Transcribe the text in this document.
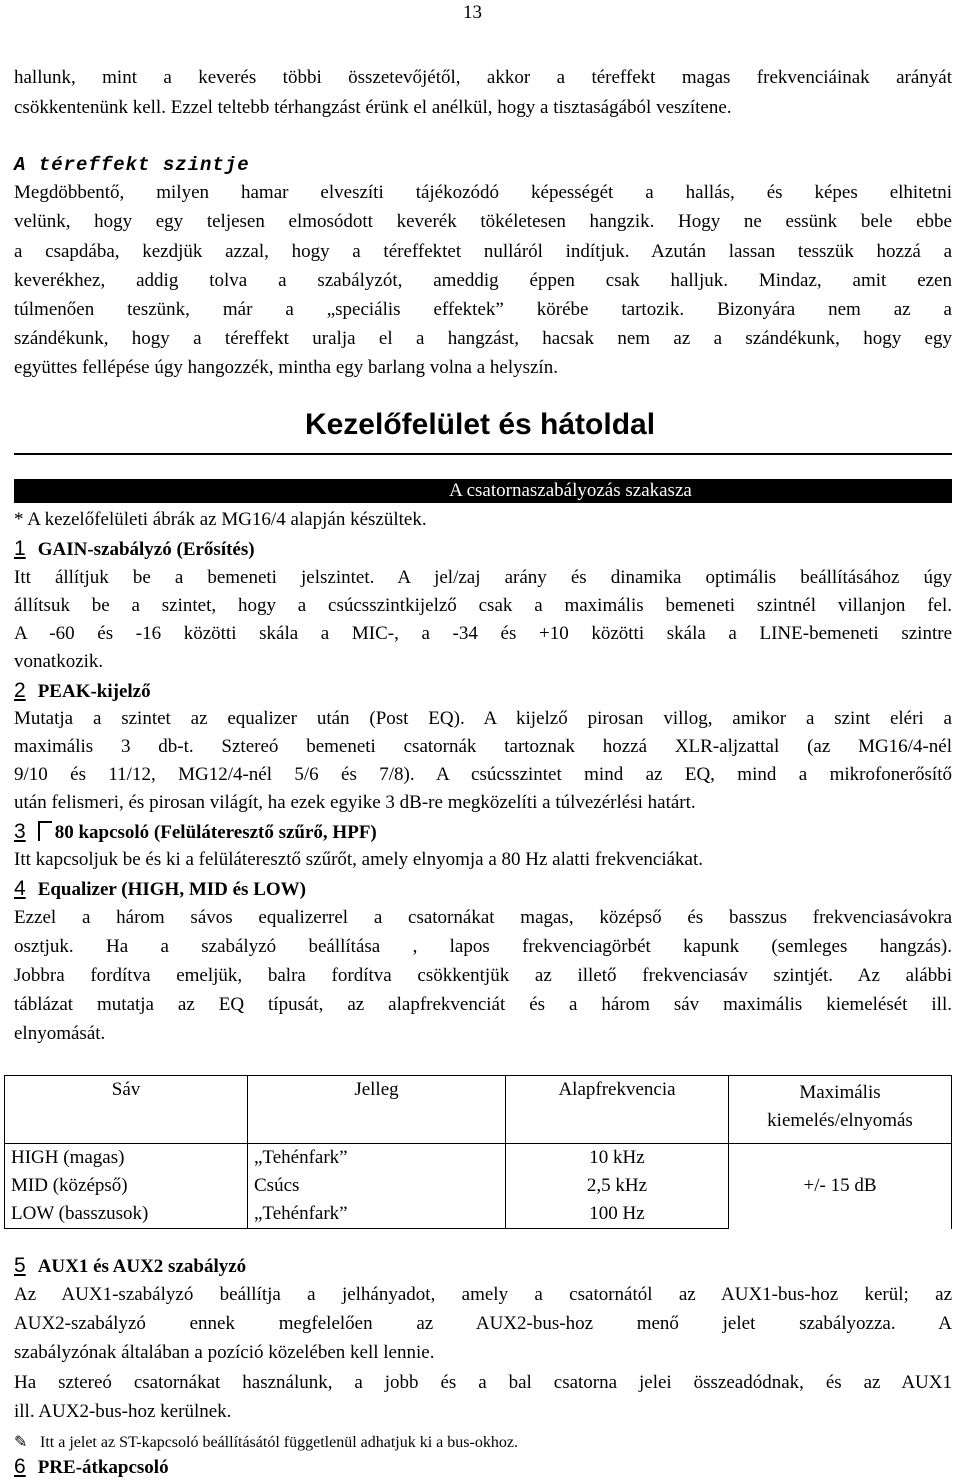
13
hallunk, mint a keverés többi összetevőjétől, akkor a téreffekt magas frekvenciáinak arányát
csökkentenünk kell. Ezzel teltebb térhangzást érünk el anélkül, hogy a tisztaságából veszítene.
A téreffekt szintje
Megdöbbentő, milyen hamar elveszíti tájékozódó képességét a hallás, és képes elhitetni
velünk, hogy egy teljesen elmosódott keverék tökéletesen hangzik. Hogy ne essünk bele ebbe
a csapdába, kezdjük azzal, hogy a téreffektet nulláról indítjuk. Azután lassan tesszük hozzá a
keverékhez, addig tolva a szabályzót, ameddig éppen csak halljuk. Mindaz, amit ezen
túlmenően teszünk, már a „speciális effektek” körébe tartozik. Bizonyára nem az a
szándékunk, hogy a téreffekt uralja el a hangzást, hacsak nem az a szándékunk, hogy egy
együttes fellépése úgy hangozzék, mintha egy barlang volna a helyszín.
Kezelőfelület és hátoldal
A csatornaszabályozás szakasza
* A kezelőfelületi ábrák az MG16/4 alapján készültek.
1 GAIN-szabályzó (Erősítés)
Itt állítjuk be a bemeneti jelszintet. A jel/zaj arány és dinamika optimális beállításához úgy
állítsuk be a szintet, hogy a csúcsszintkijelző csak a maximális bemeneti szintnél villanjon fel.
A -60 és -16 közötti skála a MIC-, a -34 és +10 közötti skála a LINE-bemeneti szintre
vonatkozik.
2 PEAK-kijelző
Mutatja a szintet az equalizer után (Post EQ). A kijelző pirosan villog, amikor a szint eléri a
maximális 3 db-t. Sztereó bemeneti csatornák tartoznak hozzá XLR-aljzattal (az MG16/4-nél
9/10 és 11/12, MG12/4-nél 5/6 és 7/8). A csúcsszintet mind az EQ, mind a mikrofonerősítő
után felismeri, és pirosan világít, ha ezek egyike 3 dB-re megközelíti a túlvezérlési határt.
3 80 kapcsoló (Felüláteresztő szűrő, HPF)
Itt kapcsoljuk be és ki a felüláteresztő szűrőt, amely elnyomja a 80 Hz alatti frekvenciákat.
4 Equalizer (HIGH, MID és LOW)
Ezzel a három sávos equalizerrel a csatornákat magas, középső és basszus frekvenciasávokra
osztjuk. Ha a szabályzó beállítása , lapos frekvenciagörbét kapunk (semleges hangzás).
Jobbra fordítva emeljük, balra fordítva csökkentjük az illető frekvenciasáv szintjét. Az alábbi
táblázat mutatja az EQ típusát, az alapfrekvenciát és a három sáv maximális kiemelését ill.
elnyomását.
Sáv	Jelleg	Alapfrekvencia	Maximális
kiemelés/elnyomás

HIGH (magas)	„Tehénfark”	10 kHz	+/- 15 dB
MID (középső)	Csúcs	2,5 kHz	
LOW (basszusok)	„Tehénfark”	100 Hz	
5 AUX1 és AUX2 szabályzó
Az AUX1-szabályzó beállítja a jelhányadot, amely a csatornától az AUX1-bus-hoz kerül; az
AUX2-szabályzó ennek megfelelően az AUX2-bus-hoz menő jelet szabályozza. A
szabályzónak általában a pozíció közelében kell lennie.
Ha sztereó csatornákat használunk, a jobb és a bal csatorna jelei összeadódnak, és az AUX1
ill. AUX2-bus-hoz kerülnek.
✎ Itt a jelet az ST-kapcsoló beállításától függetlenül adhatjuk ki a bus-okhoz.
6 PRE-átkapcsoló
